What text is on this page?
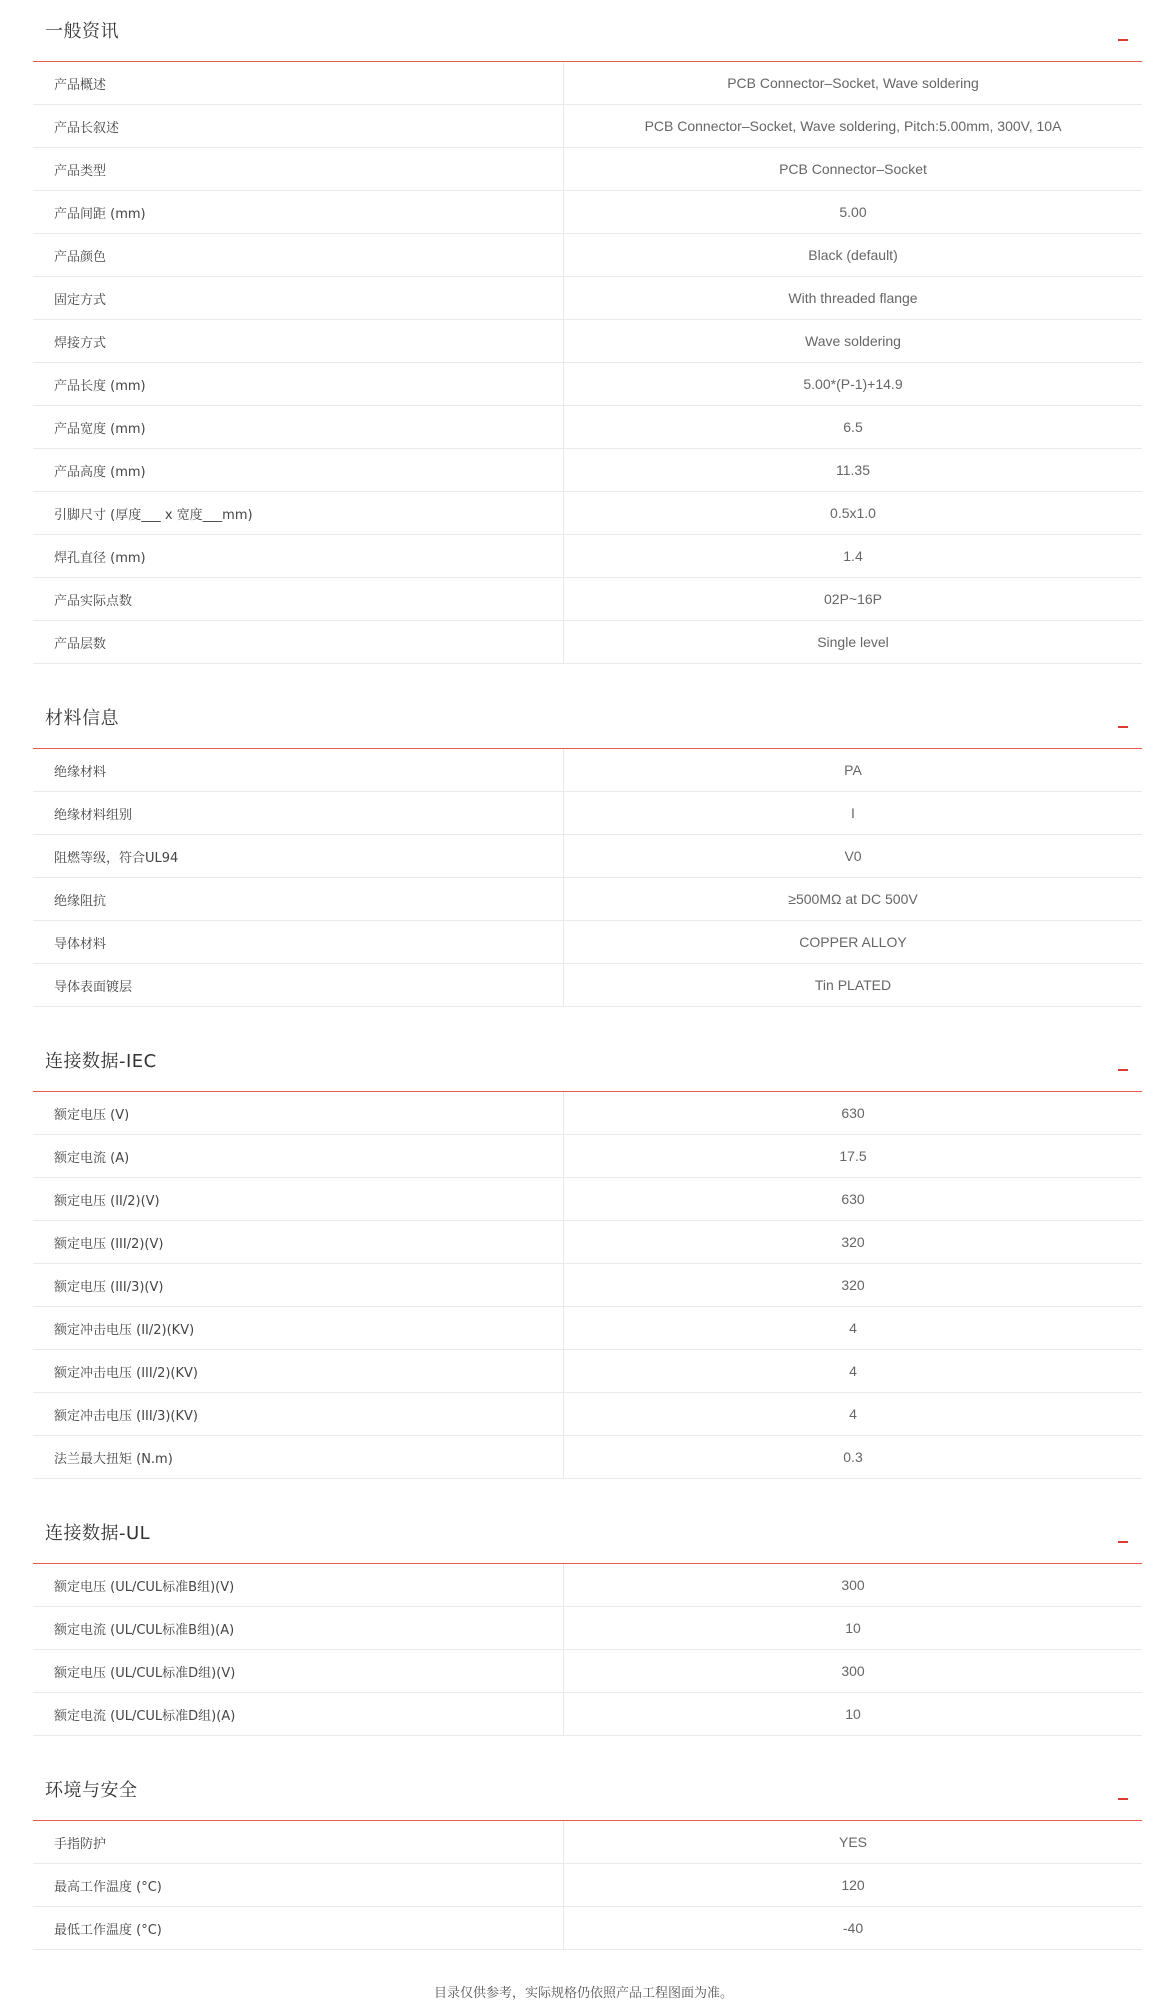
一般资讯
产品概述	PCB Connector–Socket, Wave soldering
产品长叙述	PCB Connector–Socket, Wave soldering, Pitch:5.00mm, 300V, 10A
产品类型	PCB Connector–Socket
产品间距 (mm)	5.00
产品颜色	Black (default)
固定方式	With threaded flange
焊接方式	Wave soldering
产品长度 (mm)	5.00*(P-1)+14.9
产品宽度 (mm)	6.5
产品高度 (mm)	11.35
引脚尺寸 (厚度___ x 宽度___mm)	0.5x1.0
焊孔直径 (mm)	1.4
产品实际点数	02P~16P
产品层数	Single level
材料信息
绝缘材料	PA
绝缘材料组别	I
阻燃等级，符合UL94	V0
绝缘阻抗	≥500MΩ at DC 500V
导体材料	COPPER ALLOY
导体表面镀层	Tin PLATED
连接数据-IEC
额定电压 (V)	630
额定电流 (A)	17.5
额定电压 (II/2)(V)	630
额定电压 (III/2)(V)	320
额定电压 (III/3)(V)	320
额定冲击电压 (II/2)(KV)	4
额定冲击电压 (III/2)(KV)	4
额定冲击电压 (III/3)(KV)	4
法兰最大扭矩 (N.m)	0.3
连接数据-UL
额定电压 (UL/CUL标准B组)(V)	300
额定电流 (UL/CUL标准B组)(A)	10
额定电压 (UL/CUL标准D组)(V)	300
额定电流 (UL/CUL标准D组)(A)	10
环境与安全
手指防护	YES
最高工作温度 (°C)	120
最低工作温度 (°C)	-40
目录仅供参考，实际规格仍依照产品工程图面为准。
